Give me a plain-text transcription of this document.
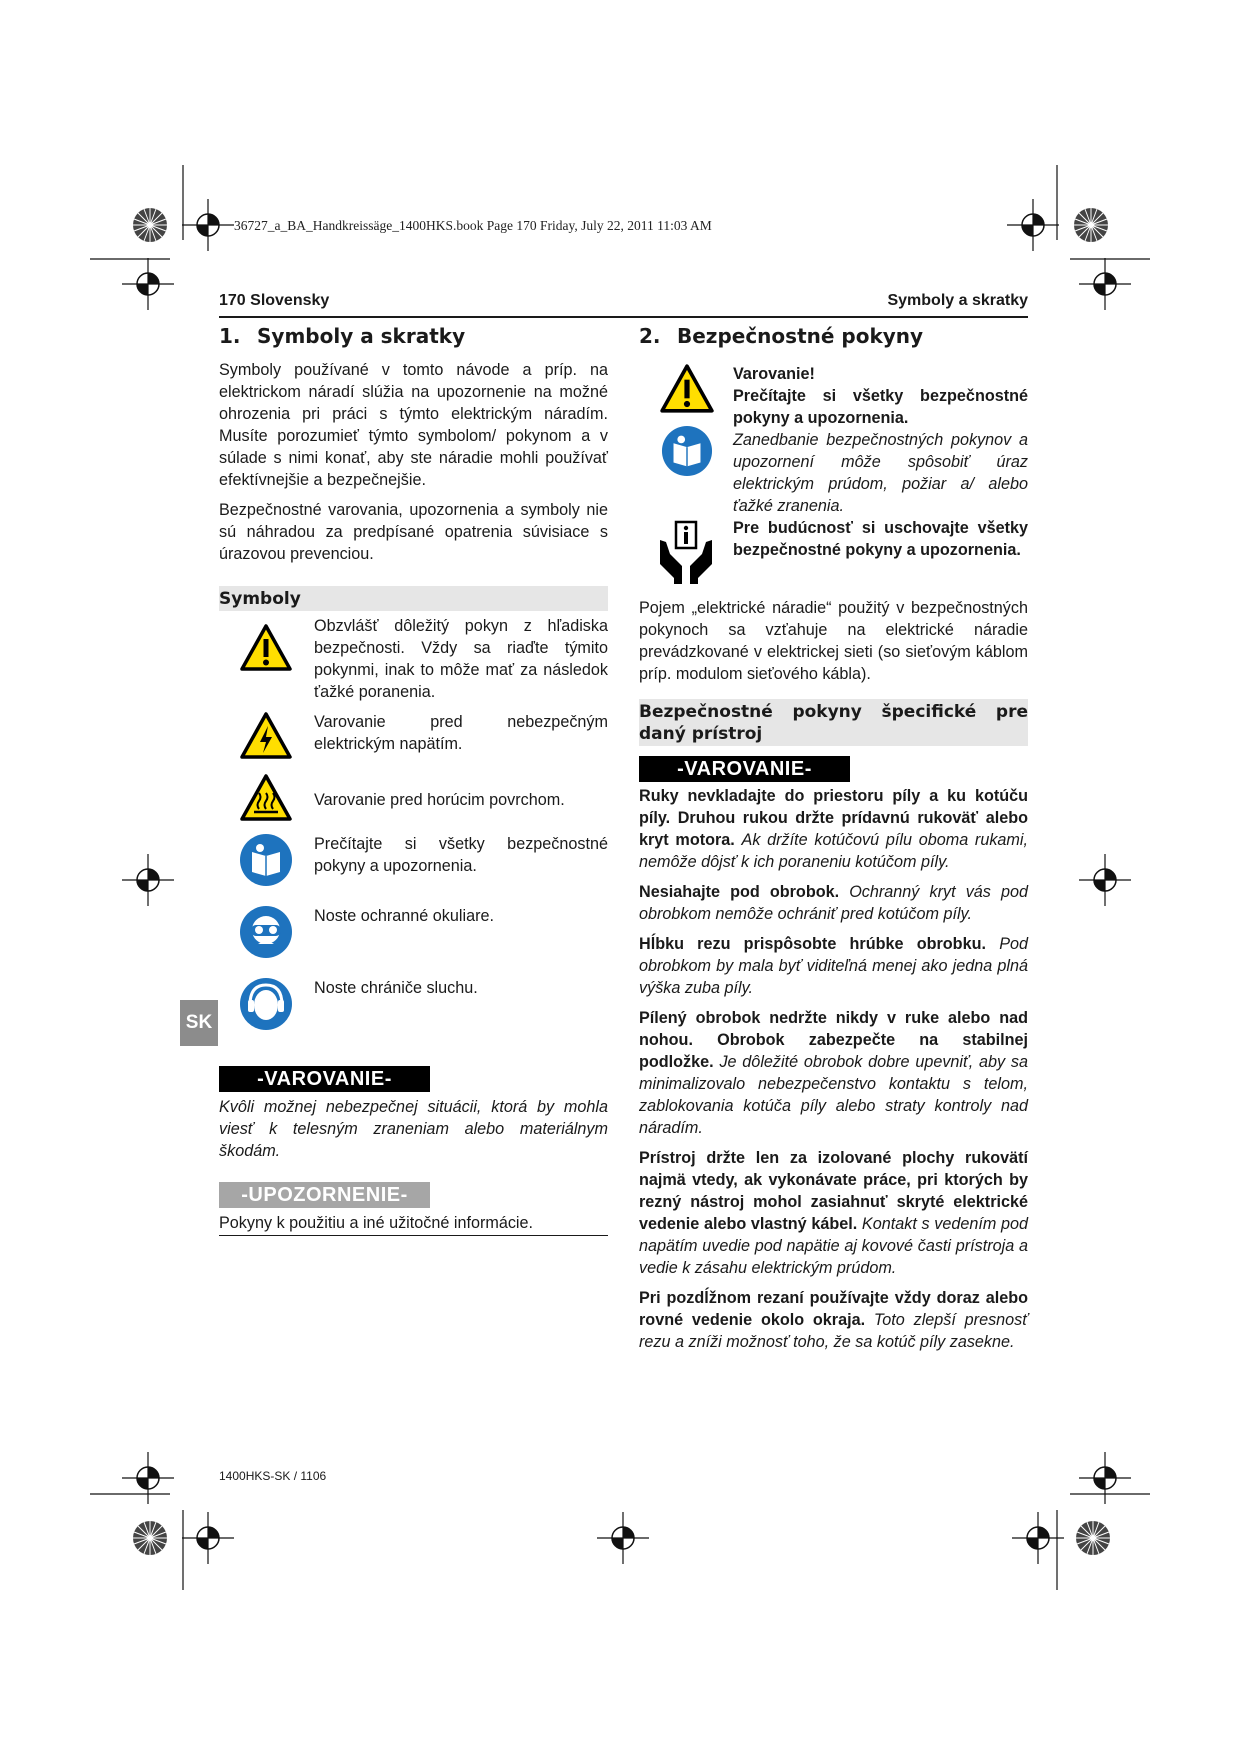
36727_a_BA_Handkreissäge_1400HKS.book Page 170 Friday, July 22, 2011 11:03 AM
170 Slovensky	Symboly a skratky
1. Symboly a skratky

Symboly používané v tomto návode a príp. na elektrickom náradí slúžia na upozornenie na možné ohrozenia pri práci s týmto elektrickým náradím. Musíte porozumieť týmto symbolom/ pokynom a v súlade s nimi konať, aby ste náradie mohli používať efektívnejšie a bezpečnejšie.

Bezpečnostné varovania, upozornenia a symboly nie sú náhradou za predpísané opatrenia súvisiace s úrazovou prevenciou.

Symboly
Obzvlášť dôležitý pokyn z hľadiska bezpečnosti. Vždy sa riaďte týmito pokynmi, inak to môže mať za následok ťažké poranenia.
Varovanie pred nebezpečným elektrickým napätím.
Varovanie pred horúcim povrchom.
Prečítajte si všetky bezpečnostné pokyny a upozornenia.
Noste ochranné okuliare.
Noste chrániče sluchu.
-VAROVANIE-

Kvôli možnej nebezpečnej situácii, ktorá by mohla viesť k telesným zraneniam alebo materiálnym škodám.

-UPOZORNENIE-

Pokyny k použitiu a iné užitočné informácie.

SK
2. Bezpečnostné pokyny
Varovanie!
Prečítajte si všetky bezpečnostné pokyny a upozornenia.
Zanedbanie bezpečnostných pokynov a upozornení môže spôsobiť úraz elektrickým prúdom, požiar a/ alebo ťažké zranenia.
Pre budúcnosť si uschovajte všetky bezpečnostné pokyny a upozornenia.

Pojem „elektrické náradie“ použitý v bezpečnostných pokynoch sa vzťahuje na elektrické náradie prevádzkované v elektrickej sieti (so sieťovým káblom príp. modulom sieťového kábla).

Bezpečnostné pokyny špecifické pre daný prístroj
-VAROVANIE-

Ruky nevkladajte do priestoru píly a ku kotúču píly. Druhou rukou držte prídavnú rukoväť alebo kryt motora. Ak držíte kotúčovú pílu oboma rukami, nemôže dôjsť k ich poraneniu kotúčom píly.

Nesiahajte pod obrobok. Ochranný kryt vás pod obrobkom nemôže ochrániť pred kotúčom píly.

Hĺbku rezu prispôsobte hrúbke obrobku. Pod obrobkom by mala byť viditeľná menej ako jedna plná výška zuba píly.

Pílený obrobok nedržte nikdy v ruke alebo nad nohou. Obrobok zabezpečte na stabilnej podložke. Je dôležité obrobok dobre upevniť, aby sa minimalizovalo nebezpečenstvo kontaktu s telom, zablokovania kotúča píly alebo straty kontroly nad náradím.

Prístroj držte len za izolované plochy rukovätí najmä vtedy, ak vykonávate práce, pri ktorých by rezný nástroj mohol zasiahnuť skryté elektrické vedenie alebo vlastný kábel. Kontakt s vedením pod napätím uvedie pod napätie aj kovové časti prístroja a vedie k zásahu elektrickým prúdom.

Pri pozdĺžnom rezaní používajte vždy doraz alebo rovné vedenie okolo okraja. Toto zlepší presnosť rezu a zníži možnosť toho, že sa kotúč píly zasekne.

1400HKS-SK / 1106
